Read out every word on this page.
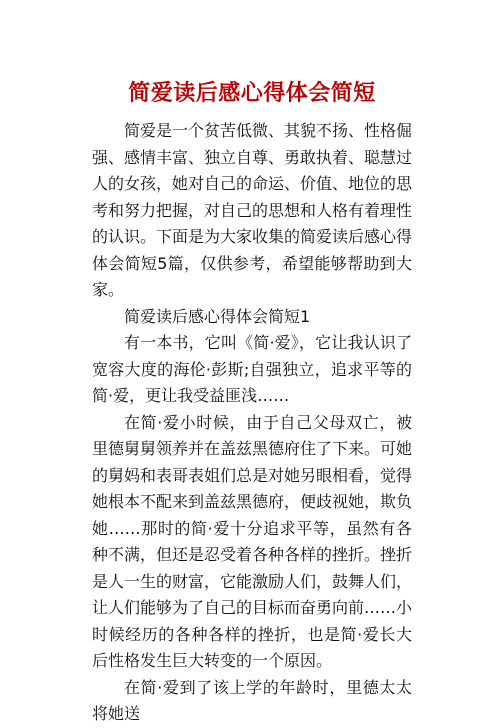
简爱读后感心得体会简短

简爱是一个贫苦低微、其貌不扬、性格倔强、感情丰富、独立自尊、勇敢执着、聪慧过人的女孩，她对自己的命运、价值、地位的思考和努力把握，对自己的思想和人格有着理性的认识。下面是为大家收集的简爱读后感心得体会简短5篇，仅供参考，希望能够帮助到大家。

简爱读后感心得体会简短1

有一本书，它叫《简·爱》，它让我认识了宽容大度的海伦·彭斯;自强独立，追求平等的简·爱，更让我受益匪浅……

在简·爱小时候，由于自己父母双亡，被里德舅舅领养并在盖兹黑德府住了下来。可她的舅妈和表哥表姐们总是对她另眼相看，觉得她根本不配来到盖兹黑德府，便歧视她，欺负她……那时的简·爱十分追求平等，虽然有各种不满，但还是忍受着各种各样的挫折。挫折是人一生的财富，它能激励人们，鼓舞人们，让人们能够为了自己的目标而奋勇向前……小时候经历的各种各样的挫折，也是简·爱长大后性格发生巨大转变的一个原因。

在简·爱到了该上学的年龄时，里德太太将她送
